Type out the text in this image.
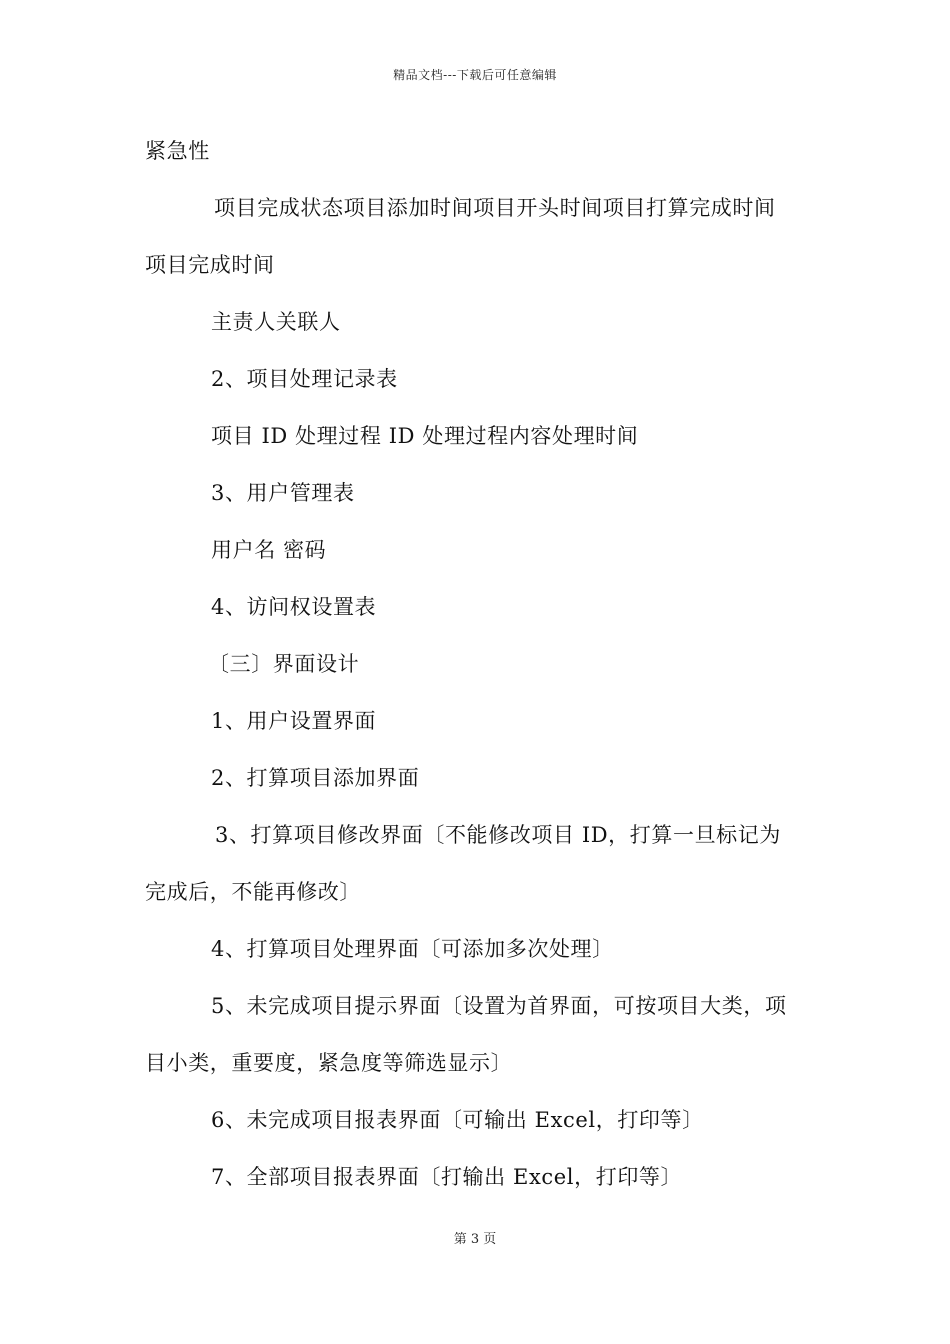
精品文档---下载后可任意编辑
紧急性
项目完成状态项目添加时间项目开头时间项目打算完成时间
项目完成时间
主责人关联人
2、项目处理记录表
项目 ID 处理过程 ID 处理过程内容处理时间
3、用户管理表
用户名 密码
4、访问权设置表
〔三〕界面设计
1、用户设置界面
2、打算项目添加界面
3、打算项目修改界面〔不能修改项目 ID，打算一旦标记为
完成后，不能再修改〕
4、打算项目处理界面〔可添加多次处理〕
5、未完成项目提示界面〔设置为首界面，可按项目大类，项
目小类，重要度，紧急度等筛选显示〕
6、未完成项目报表界面〔可输出 Excel，打印等〕
7、全部项目报表界面〔打输出 Excel，打印等〕
第 3 页
